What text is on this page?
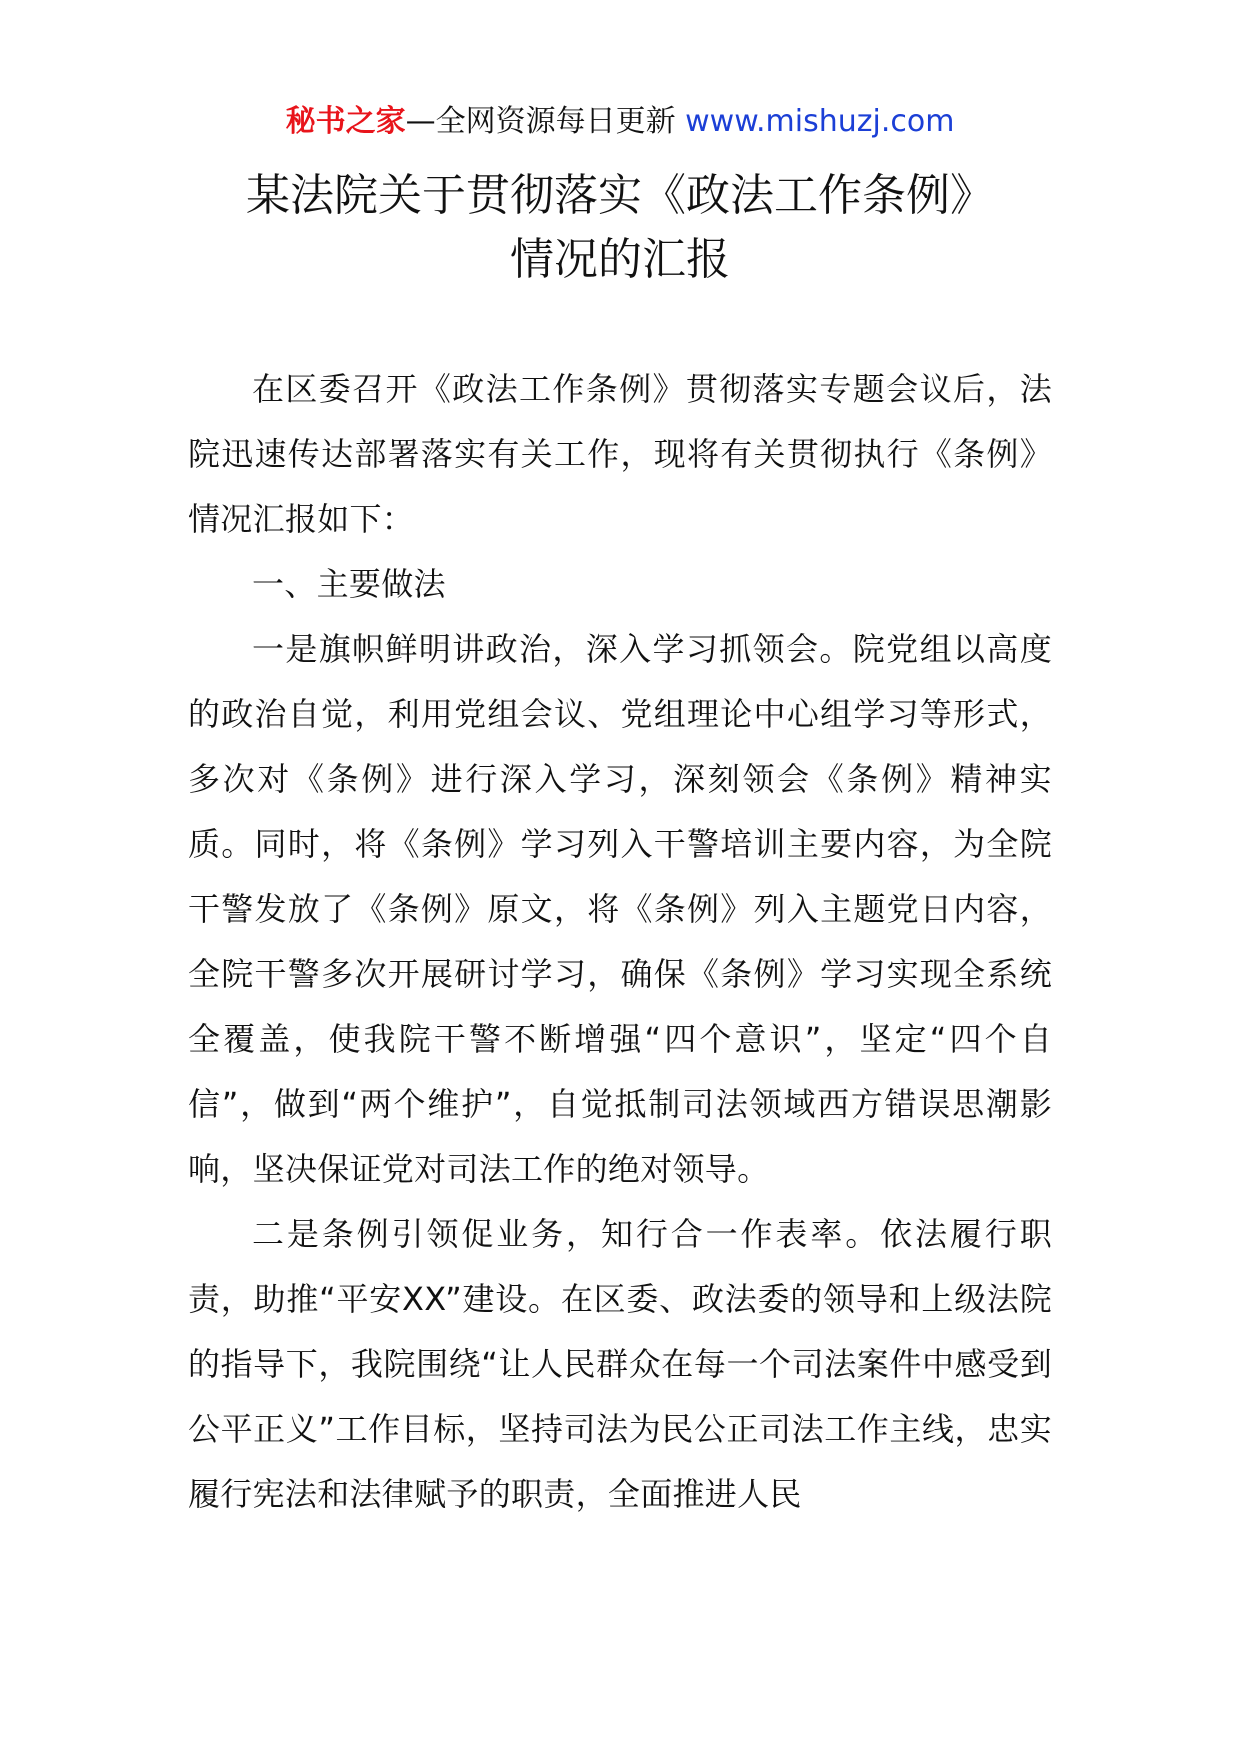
秘书之家—全网资源每日更新 www.mishuzj.com
某法院关于贯彻落实《政法工作条例》
情况的汇报

在区委召开《政法工作条例》贯彻落实专题会议后，法院迅速传达部署落实有关工作，现将有关贯彻执行《条例》情况汇报如下：

一、主要做法

一是旗帜鲜明讲政治，深入学习抓领会。院党组以高度的政治自觉，利用党组会议、党组理论中心组学习等形式，多次对《条例》进行深入学习，深刻领会《条例》精神实质。同时，将《条例》学习列入干警培训主要内容，为全院干警发放了《条例》原文，将《条例》列入主题党日内容，全院干警多次开展研讨学习，确保《条例》学习实现全系统全覆盖，使我院干警不断增强“四个意识”，坚定“四个自信”，做到“两个维护”，自觉抵制司法领域西方错误思潮影响，坚决保证党对司法工作的绝对领导。

二是条例引领促业务，知行合一作表率。依法履行职责，助推“平安XX”建设。在区委、政法委的领导和上级法院的指导下，我院围绕“让人民群众在每一个司法案件中感受到公平正义”工作目标，坚持司法为民公正司法工作主线，忠实履行宪法和法律赋予的职责，全面推进人民
